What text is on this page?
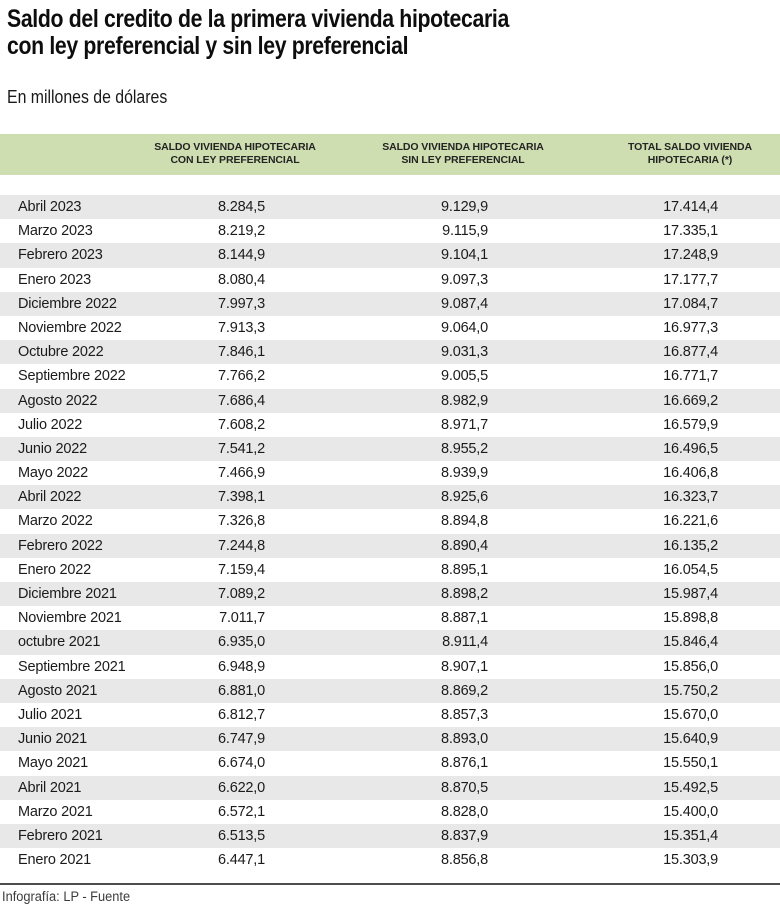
Saldo del credito de la primera vivienda hipotecaria
con ley preferencial y sin ley preferencial
En millones de dólares
SALDO VIVIENDA HIPOTECARIA
CON LEY PREFERENCIAL
SALDO VIVIENDA HIPOTECARIA
SIN LEY PREFERENCIAL
TOTAL SALDO VIVIENDA
HIPOTECARIA (*)
Abril 2023	8.284,5	9.129,9	17.414,4
Marzo 2023	8.219,2	9.115,9	17.335,1
Febrero 2023	8.144,9	9.104,1	17.248,9
Enero 2023	8.080,4	9.097,3	17.177,7
Diciembre 2022	7.997,3	9.087,4	17.084,7
Noviembre 2022	7.913,3	9.064,0	16.977,3
Octubre 2022	7.846,1	9.031,3	16.877,4
Septiembre 2022	7.766,2	9.005,5	16.771,7
Agosto 2022	7.686,4	8.982,9	16.669,2
Julio 2022	7.608,2	8.971,7	16.579,9
Junio 2022	7.541,2	8.955,2	16.496,5
Mayo 2022	7.466,9	8.939,9	16.406,8
Abril 2022	7.398,1	8.925,6	16.323,7
Marzo 2022	7.326,8	8.894,8	16.221,6
Febrero 2022	7.244,8	8.890,4	16.135,2
Enero 2022	7.159,4	8.895,1	16.054,5
Diciembre 2021	7.089,2	8.898,2	15.987,4
Noviembre 2021	7.011,7	8.887,1	15.898,8
octubre 2021	6.935,0	8.911,4	15.846,4
Septiembre 2021	6.948,9	8.907,1	15.856,0
Agosto 2021	6.881,0	8.869,2	15.750,2
Julio 2021	6.812,7	8.857,3	15.670,0
Junio 2021	6.747,9	8.893,0	15.640,9
Mayo 2021	6.674,0	8.876,1	15.550,1
Abril 2021	6.622,0	8.870,5	15.492,5
Marzo 2021	6.572,1	8.828,0	15.400,0
Febrero 2021	6.513,5	8.837,9	15.351,4
Enero 2021	6.447,1	8.856,8	15.303,9
Infografía: LP - Fuente
